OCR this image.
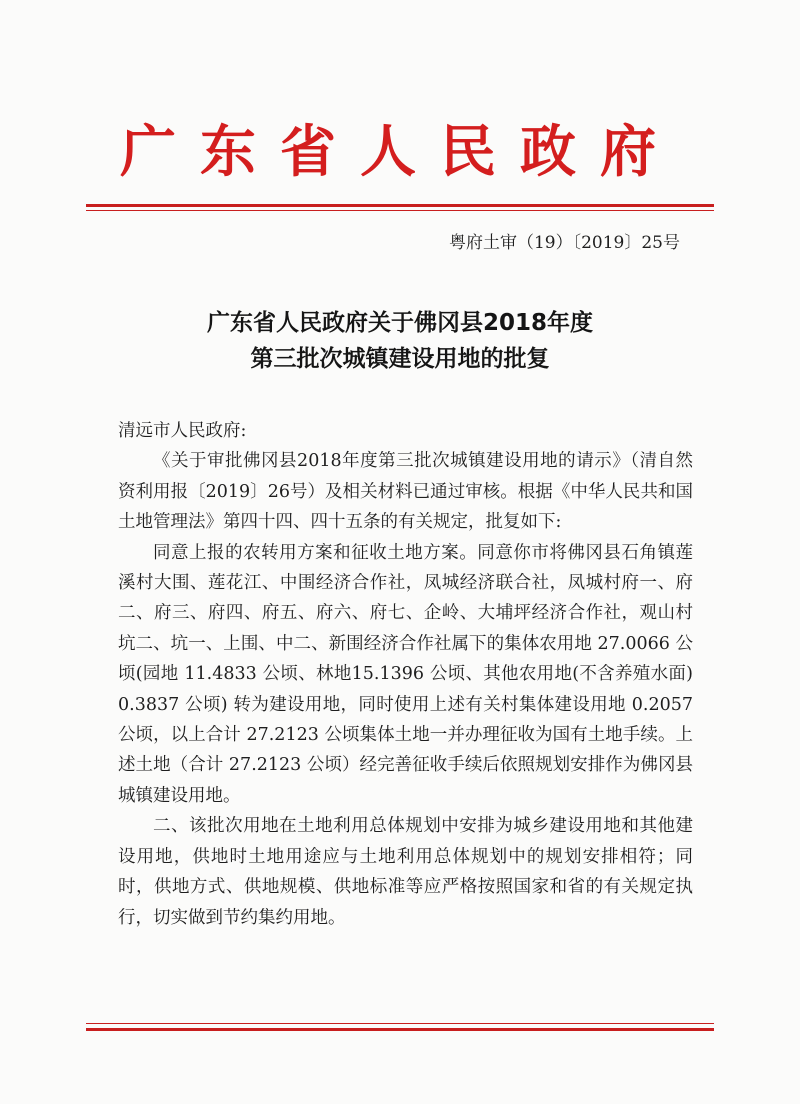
广东省人民政府
粤府土审（19）〔2019〕25号
广东省人民政府关于佛冈县2018年度
第三批次城镇建设用地的批复

清远市人民政府:

《关于审批佛冈县2018年度第三批次城镇建设用地的请示》（清自然资利用报〔2019〕26号）及相关材料已通过审核。根据《中华人民共和国土地管理法》第四十四、四十五条的有关规定，批复如下:

同意上报的农转用方案和征收土地方案。同意你市将佛冈县石角镇莲溪村大围、莲花江、中围经济合作社，凤城经济联合社，凤城村府一、府二、府三、府四、府五、府六、府七、企岭、大埔坪经济合作社，观山村坑二、坑一、上围、中二、新围经济合作社属下的集体农用地 27.0066 公顷(园地 11.4833 公顷、林地15.1396 公顷、其他农用地(不含养殖水面) 0.3837 公顷) 转为建设用地，同时使用上述有关村集体建设用地 0.2057 公顷，以上合计 27.2123 公顷集体土地一并办理征收为国有土地手续。上述土地（合计 27.2123 公顷）经完善征收手续后依照规划安排作为佛冈县城镇建设用地。

二、该批次用地在土地利用总体规划中安排为城乡建设用地和其他建设用地，供地时土地用途应与土地利用总体规划中的规划安排相符；同时，供地方式、供地规模、供地标准等应严格按照国家和省的有关规定执行，切实做到节约集约用地。
